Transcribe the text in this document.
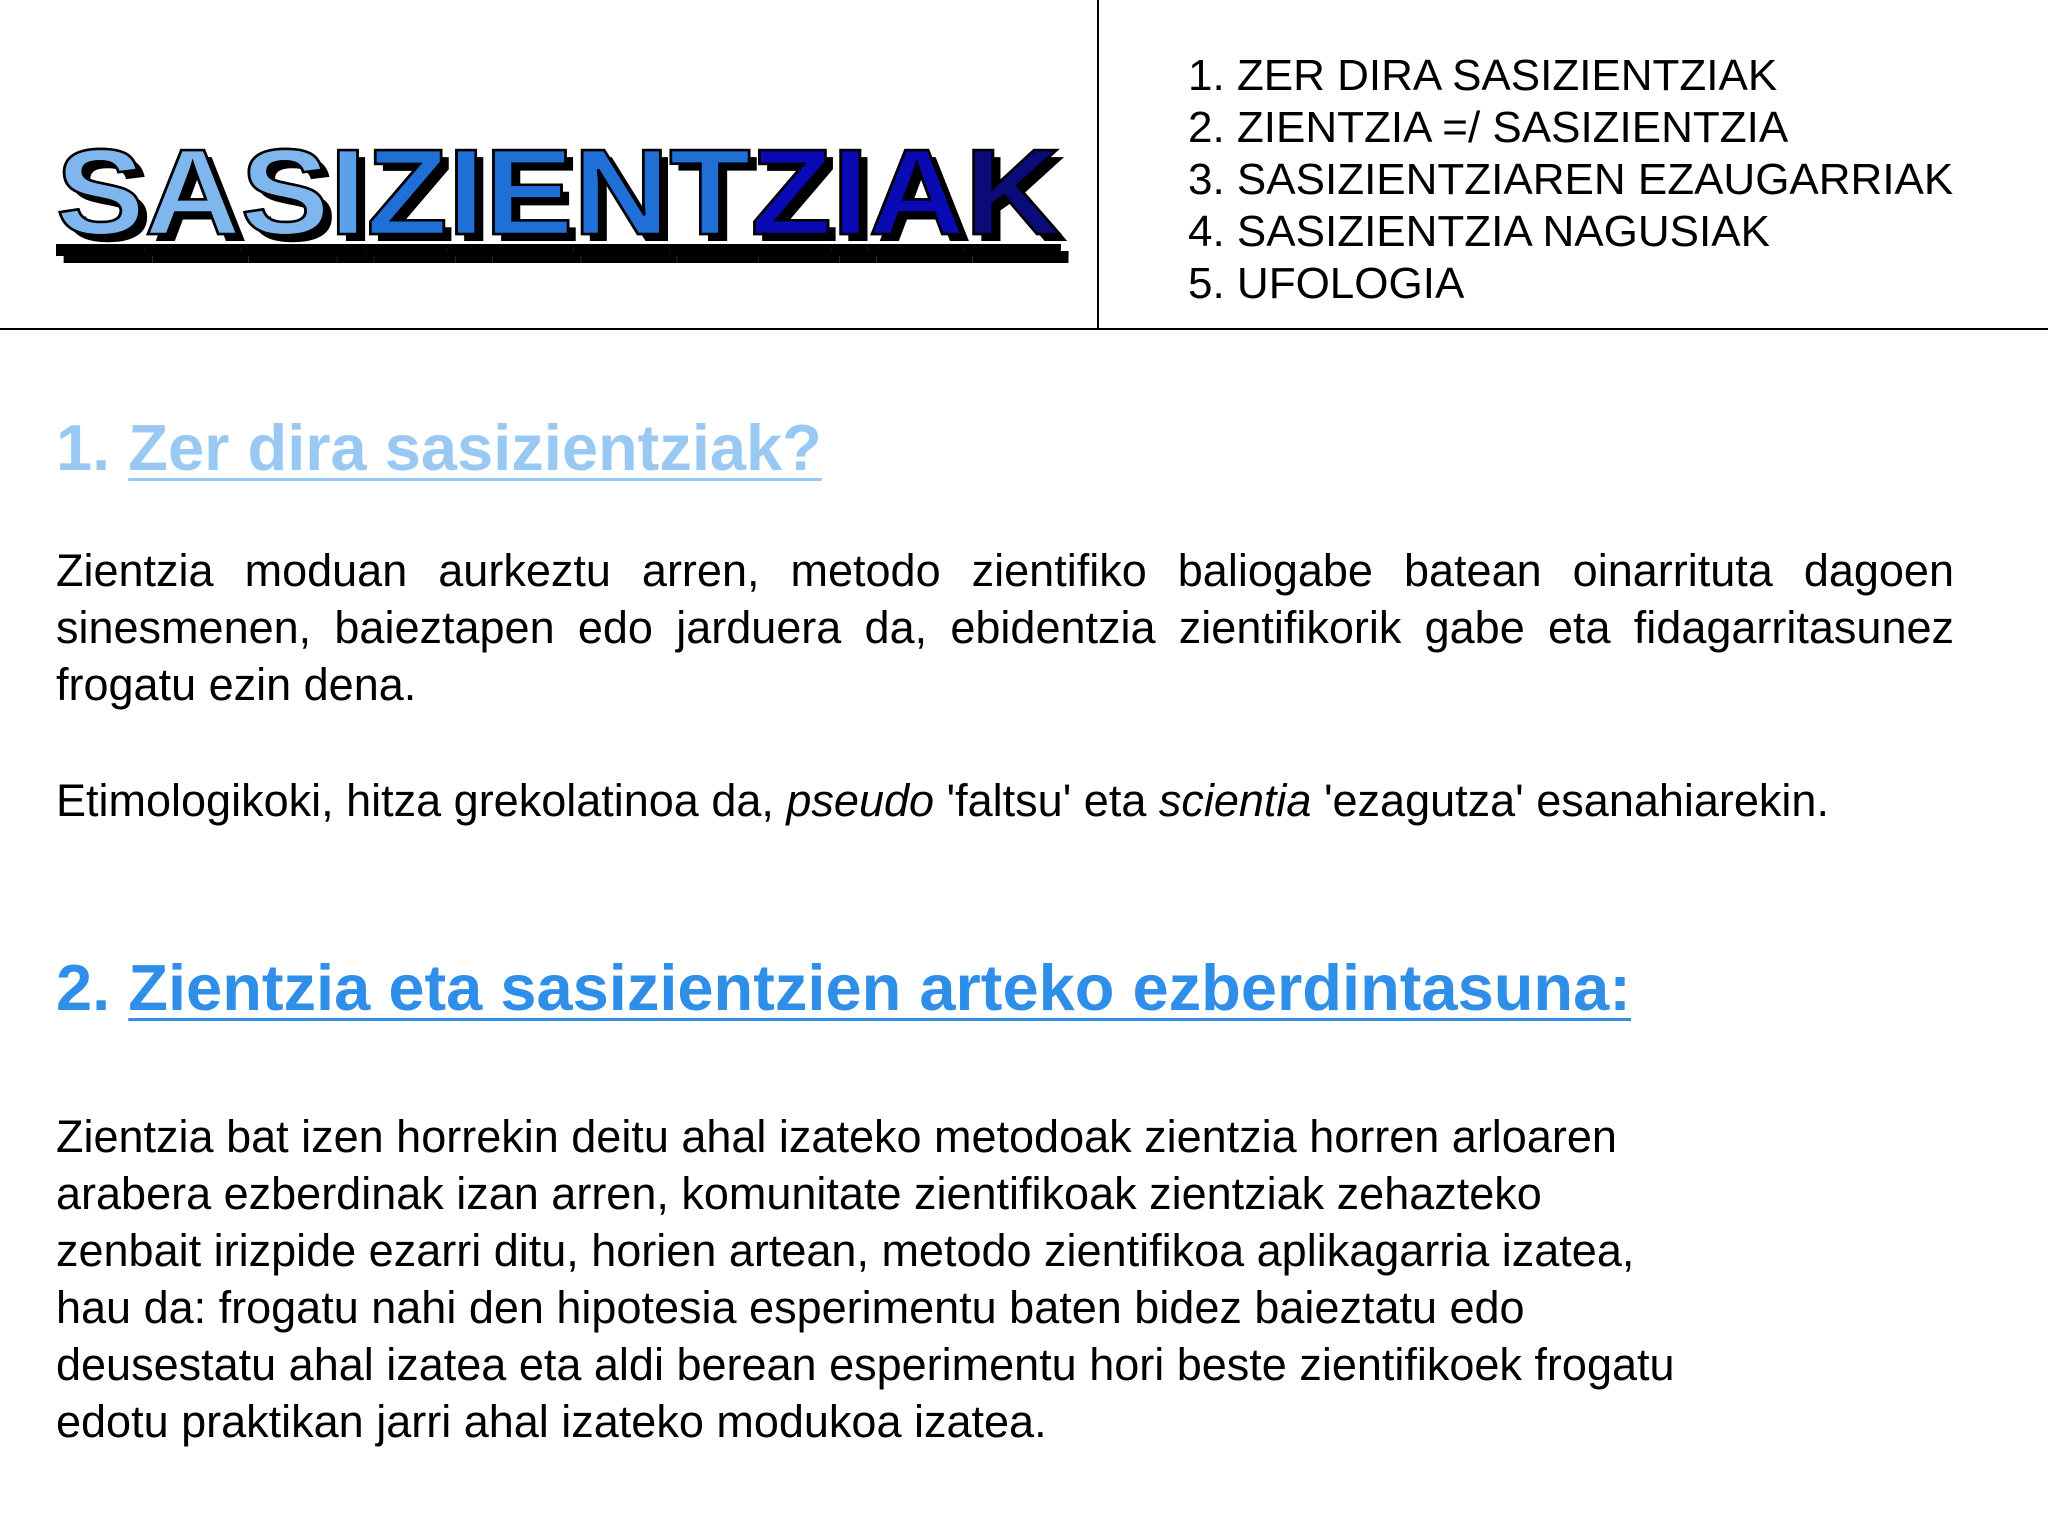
SASIZIENTZIAK
1. ZER DIRA SASIZIENTZIAK
2. ZIENTZIA =/ SASIZIENTZIA
3. SASIZIENTZIAREN EZAUGARRIAK
4. SASIZIENTZIA NAGUSIAK
5. UFOLOGIA
1. Zer dira sasizientziak?

Zientzia moduan aurkeztu arren, metodo zientifiko baliogabe batean oinarrituta dagoen sinesmenen, baieztapen edo jarduera da, ebidentzia zientifikorik gabe eta fidagarritasunez frogatu ezin dena.

Etimologikoki, hitza grekolatinoa da, pseudo 'faltsu' eta scientia 'ezagutza' esanahiarekin.

2. Zientzia eta sasizientzien arteko ezberdintasuna:

Zientzia bat izen horrekin deitu ahal izateko metodoak zientzia horren arloaren
arabera ezberdinak izan arren, komunitate zientifikoak zientziak zehazteko
zenbait irizpide ezarri ditu, horien artean, metodo zientifikoa aplikagarria izatea,
hau da: frogatu nahi den hipotesia esperimentu baten bidez baieztatu edo
deusestatu ahal izatea eta aldi berean esperimentu hori beste zientifikoek frogatu
edotu praktikan jarri ahal izateko modukoa izatea.
